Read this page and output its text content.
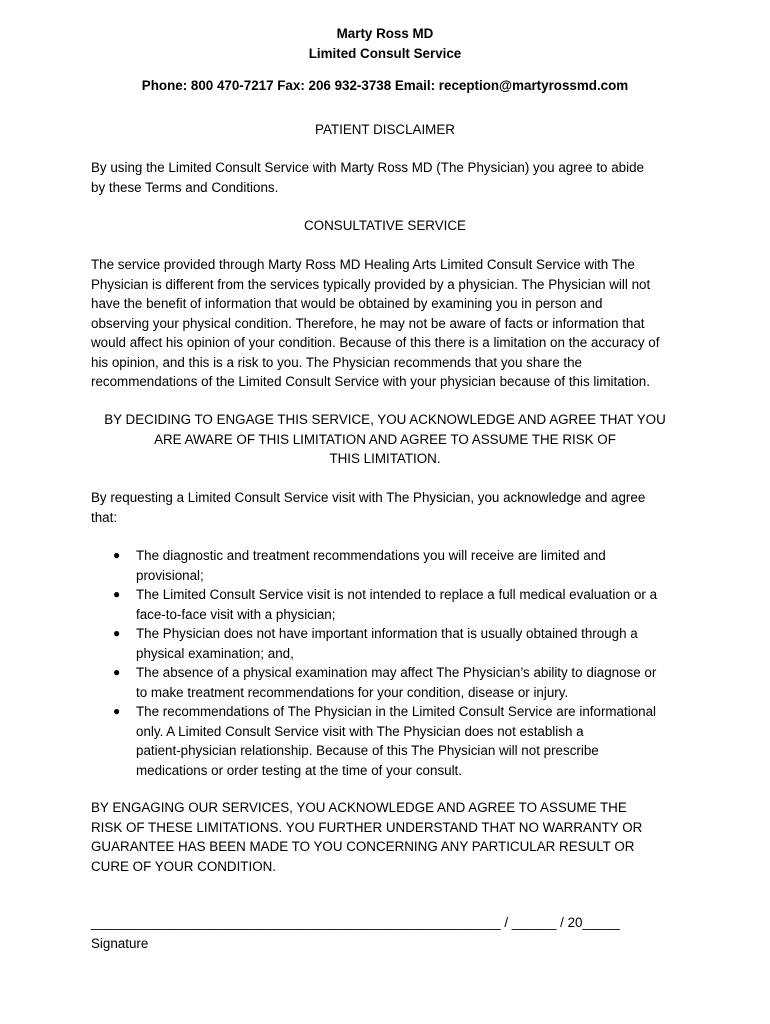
Marty Ross MD
Limited Consult Service
Phone: 800 470-7217 Fax: 206 932-3738 Email: reception@martyrossmd.com
PATIENT DISCLAIMER
By using the Limited Consult Service with Marty Ross MD (The Physician) you agree to abide
by these Terms and Conditions.
CONSULTATIVE SERVICE
The service provided through Marty Ross MD Healing Arts Limited Consult Service with The
Physician is different from the services typically provided by a physician. The Physician will not
have the benefit of information that would be obtained by examining you in person and
observing your physical condition. Therefore, he may not be aware of facts or information that
would affect his opinion of your condition. Because of this there is a limitation on the accuracy of
his opinion, and this is a risk to you. The Physician recommends that you share the
recommendations of the Limited Consult Service with your physician because of this limitation.
BY DECIDING TO ENGAGE THIS SERVICE, YOU ACKNOWLEDGE AND AGREE THAT YOU
ARE AWARE OF THIS LIMITATION AND AGREE TO ASSUME THE RISK OF
THIS LIMITATION.
By requesting a Limited Consult Service visit with The Physician, you acknowledge and agree
that:
● The diagnostic and treatment recommendations you will receive are limited and
provisional;
● The Limited Consult Service visit is not intended to replace a full medical evaluation or a
face-to-face visit with a physician;
● The Physician does not have important information that is usually obtained through a
physical examination; and,
● The absence of a physical examination may affect The Physician’s ability to diagnose or
to make treatment recommendations for your condition, disease or injury.
● The recommendations of The Physician in the Limited Consult Service are informational
only. A Limited Consult Service visit with The Physician does not establish a
patient-physician relationship. Because of this The Physician will not prescribe
medications or order testing at the time of your consult.
BY ENGAGING OUR SERVICES, YOU ACKNOWLEDGE AND AGREE TO ASSUME THE
RISK OF THESE LIMITATIONS. YOU FURTHER UNDERSTAND THAT NO WARRANTY OR
GUARANTEE HAS BEEN MADE TO YOU CONCERNING ANY PARTICULAR RESULT OR
CURE OF YOUR CONDITION.
_______________________________________________________ / ______ / 20_____
Signature
